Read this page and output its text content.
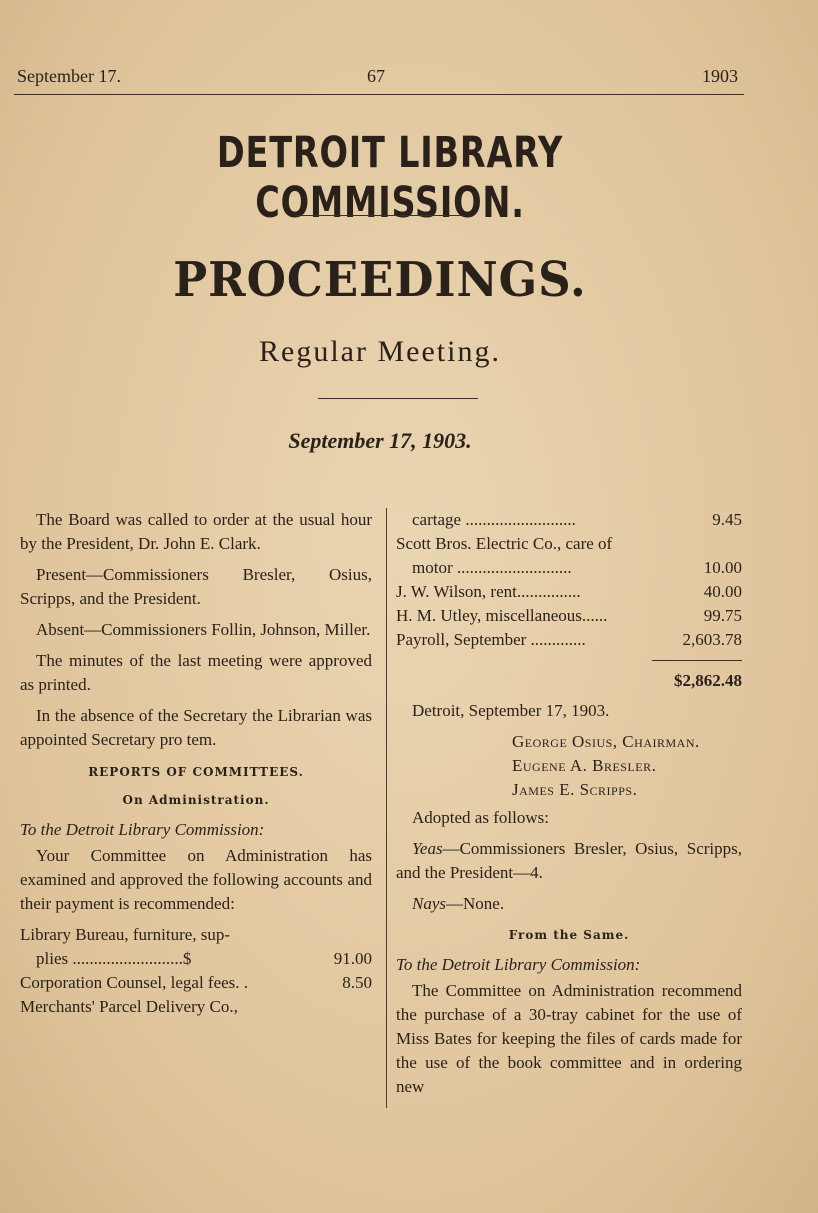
September 17.	67	1903
DETROIT LIBRARY COMMISSION.
PROCEEDINGS.
Regular Meeting.
September 17, 1903.

The Board was called to order at the usual hour by the President, Dr. John E. Clark.

Present—Commissioners Bresler, Osius, Scripps, and the President.

Absent—Commissioners Follin, Johnson, Miller.

The minutes of the last meeting were approved as printed.

In the absence of the Secretary the Librarian was appointed Secretary pro tem.

REPORTS OF COMMITTEES.
On Administration.
To the Detroit Library Commission:

Your Committee on Administration has examined and approved the following accounts and their payment is recommended:

Library Bureau, furniture, sup-
plies ..........................$	91.00
Corporation Counsel, legal fees. .	8.50
Merchants' Parcel Delivery Co.,
cartage ..........................	9.45
Scott Bros. Electric Co., care of
motor ...........................	10.00
J. W. Wilson, rent...............	40.00
H. M. Utley, miscellaneous......	99.75
Payroll, September .............	2,603.78
$2,862.48

Detroit, September 17, 1903.

George Osius, Chairman.
Eugene A. Bresler.
James E. Scripps.

Adopted as follows:

Yeas—Commissioners Bresler, Osius, Scripps, and the President—4.

Nays—None.

From the Same.
To the Detroit Library Commission:

The Committee on Administration recommend the purchase of a 30-tray cabinet for the use of Miss Bates for keeping the files of cards made for the use of the book committee and in ordering new
